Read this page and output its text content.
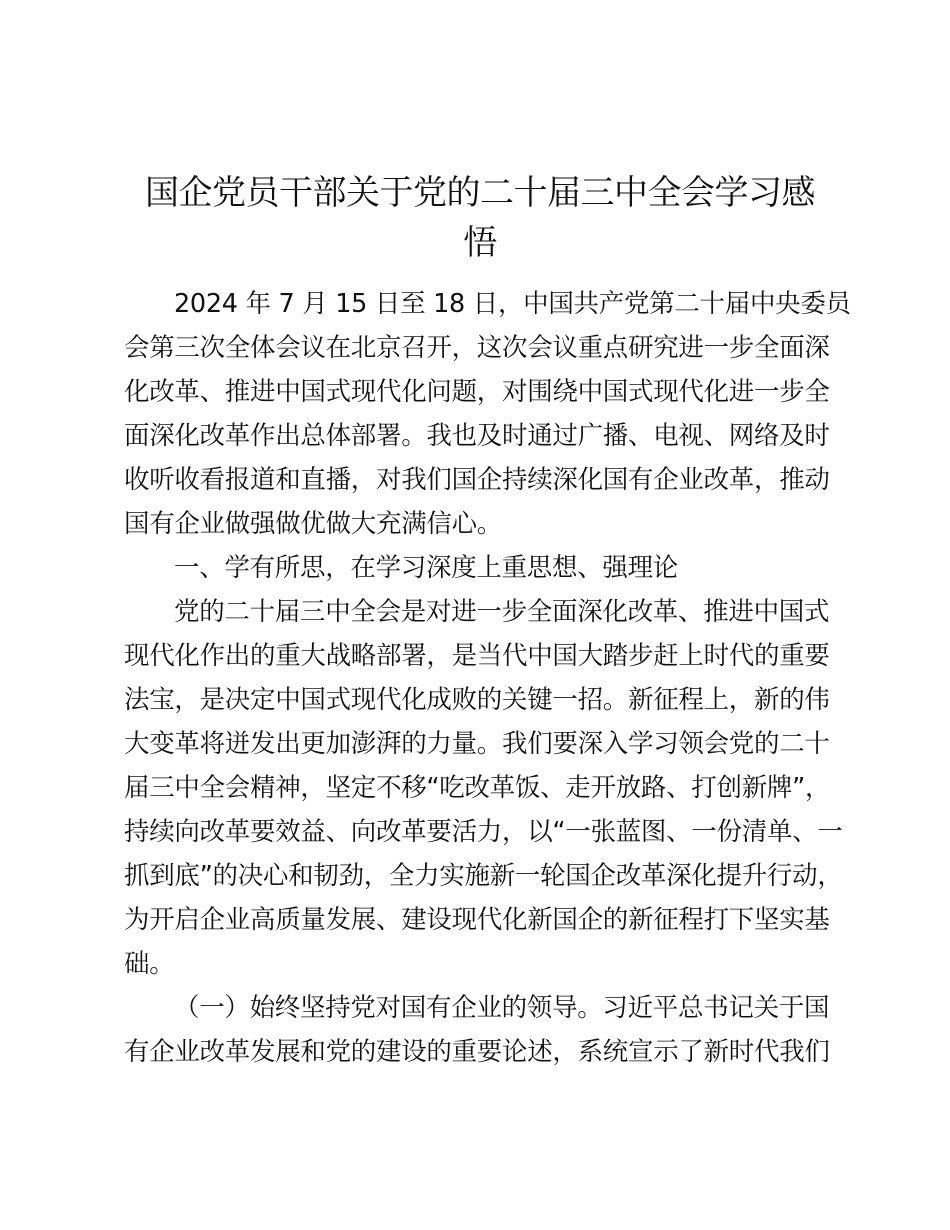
国企党员干部关于党的二十届三中全会学习感
悟
2024 年 7 月 15 日至 18 日，中国共产党第二十届中央委员
会第三次全体会议在北京召开，这次会议重点研究进一步全面深
化改革、推进中国式现代化问题，对围绕中国式现代化进一步全
面深化改革作出总体部署。我也及时通过广播、电视、网络及时
收听收看报道和直播，对我们国企持续深化国有企业改革，推动
国有企业做强做优做大充满信心。
一、学有所思，在学习深度上重思想、强理论
党的二十届三中全会是对进一步全面深化改革、推进中国式
现代化作出的重大战略部署，是当代中国大踏步赶上时代的重要
法宝，是决定中国式现代化成败的关键一招。新征程上，新的伟
大变革将迸发出更加澎湃的力量。我们要深入学习领会党的二十
届三中全会精神，坚定不移“吃改革饭、走开放路、打创新牌”，
持续向改革要效益、向改革要活力，以“一张蓝图、一份清单、一
抓到底”的决心和韧劲，全力实施新一轮国企改革深化提升行动，
为开启企业高质量发展、建设现代化新国企的新征程打下坚实基
础。
（一）始终坚持党对国有企业的领导。习近平总书记关于国
有企业改革发展和党的建设的重要论述，系统宣示了新时代我们
